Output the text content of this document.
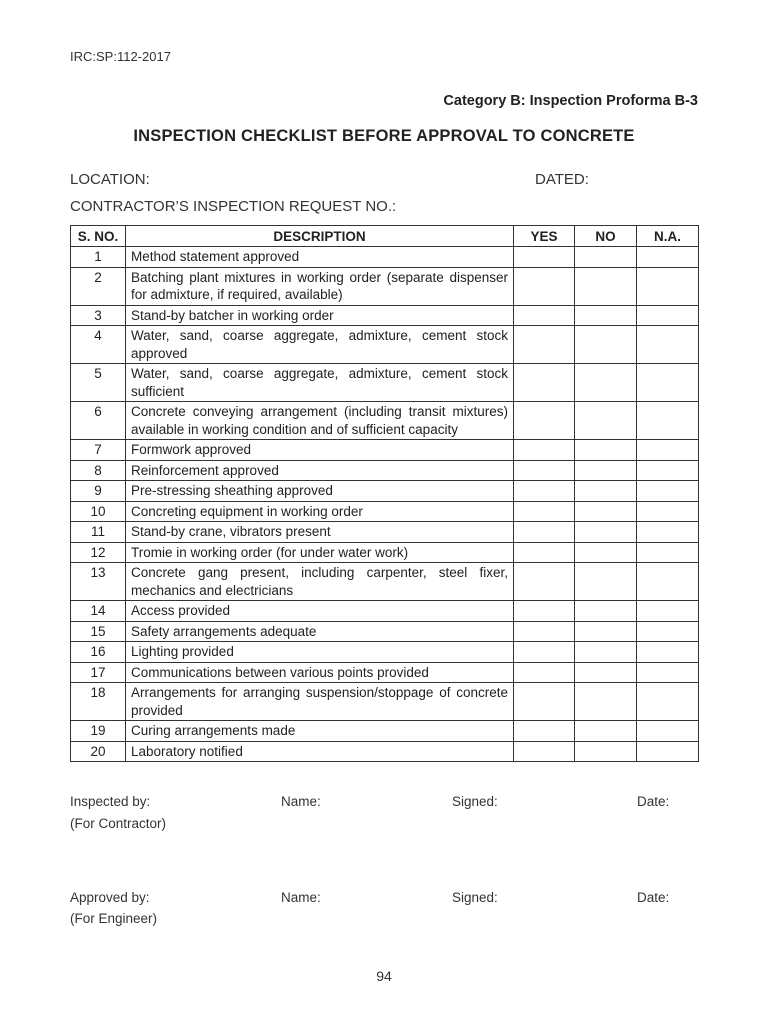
IRC:SP:112-2017
Category B: Inspection Proforma B-3
INSPECTION CHECKLIST BEFORE APPROVAL TO CONCRETE
LOCATION:	DATED:
CONTRACTOR’S INSPECTION REQUEST NO.:
S. NO.	DESCRIPTION	YES	NO	N.A.
1	Method statement approved			
2	Batching plant mixtures in working order (separate dispenser for admixture, if required, available)			
3	Stand-by batcher in working order			
4	Water, sand, coarse aggregate, admixture, cement stock approved			
5	Water, sand, coarse aggregate, admixture, cement stock sufficient			
6	Concrete conveying arrangement (including transit mixtures) available in working condition and of sufficient capacity			
7	Formwork approved			
8	Reinforcement approved			
9	Pre-stressing sheathing approved			
10	Concreting equipment in working order			
11	Stand-by crane, vibrators present			
12	Tromie in working order (for under water work)			
13	Concrete gang present, including carpenter, steel fixer, mechanics and electricians			
14	Access provided			
15	Safety arrangements adequate			
16	Lighting provided			
17	Communications between various points provided			
18	Arrangements for arranging suspension/stoppage of concrete provided			
19	Curing arrangements made			
20	Laboratory notified			
Inspected by:
(For Contractor)
Name:	Signed:	Date:
Approved by:
(For Engineer)
Name:	Signed:	Date:
94
